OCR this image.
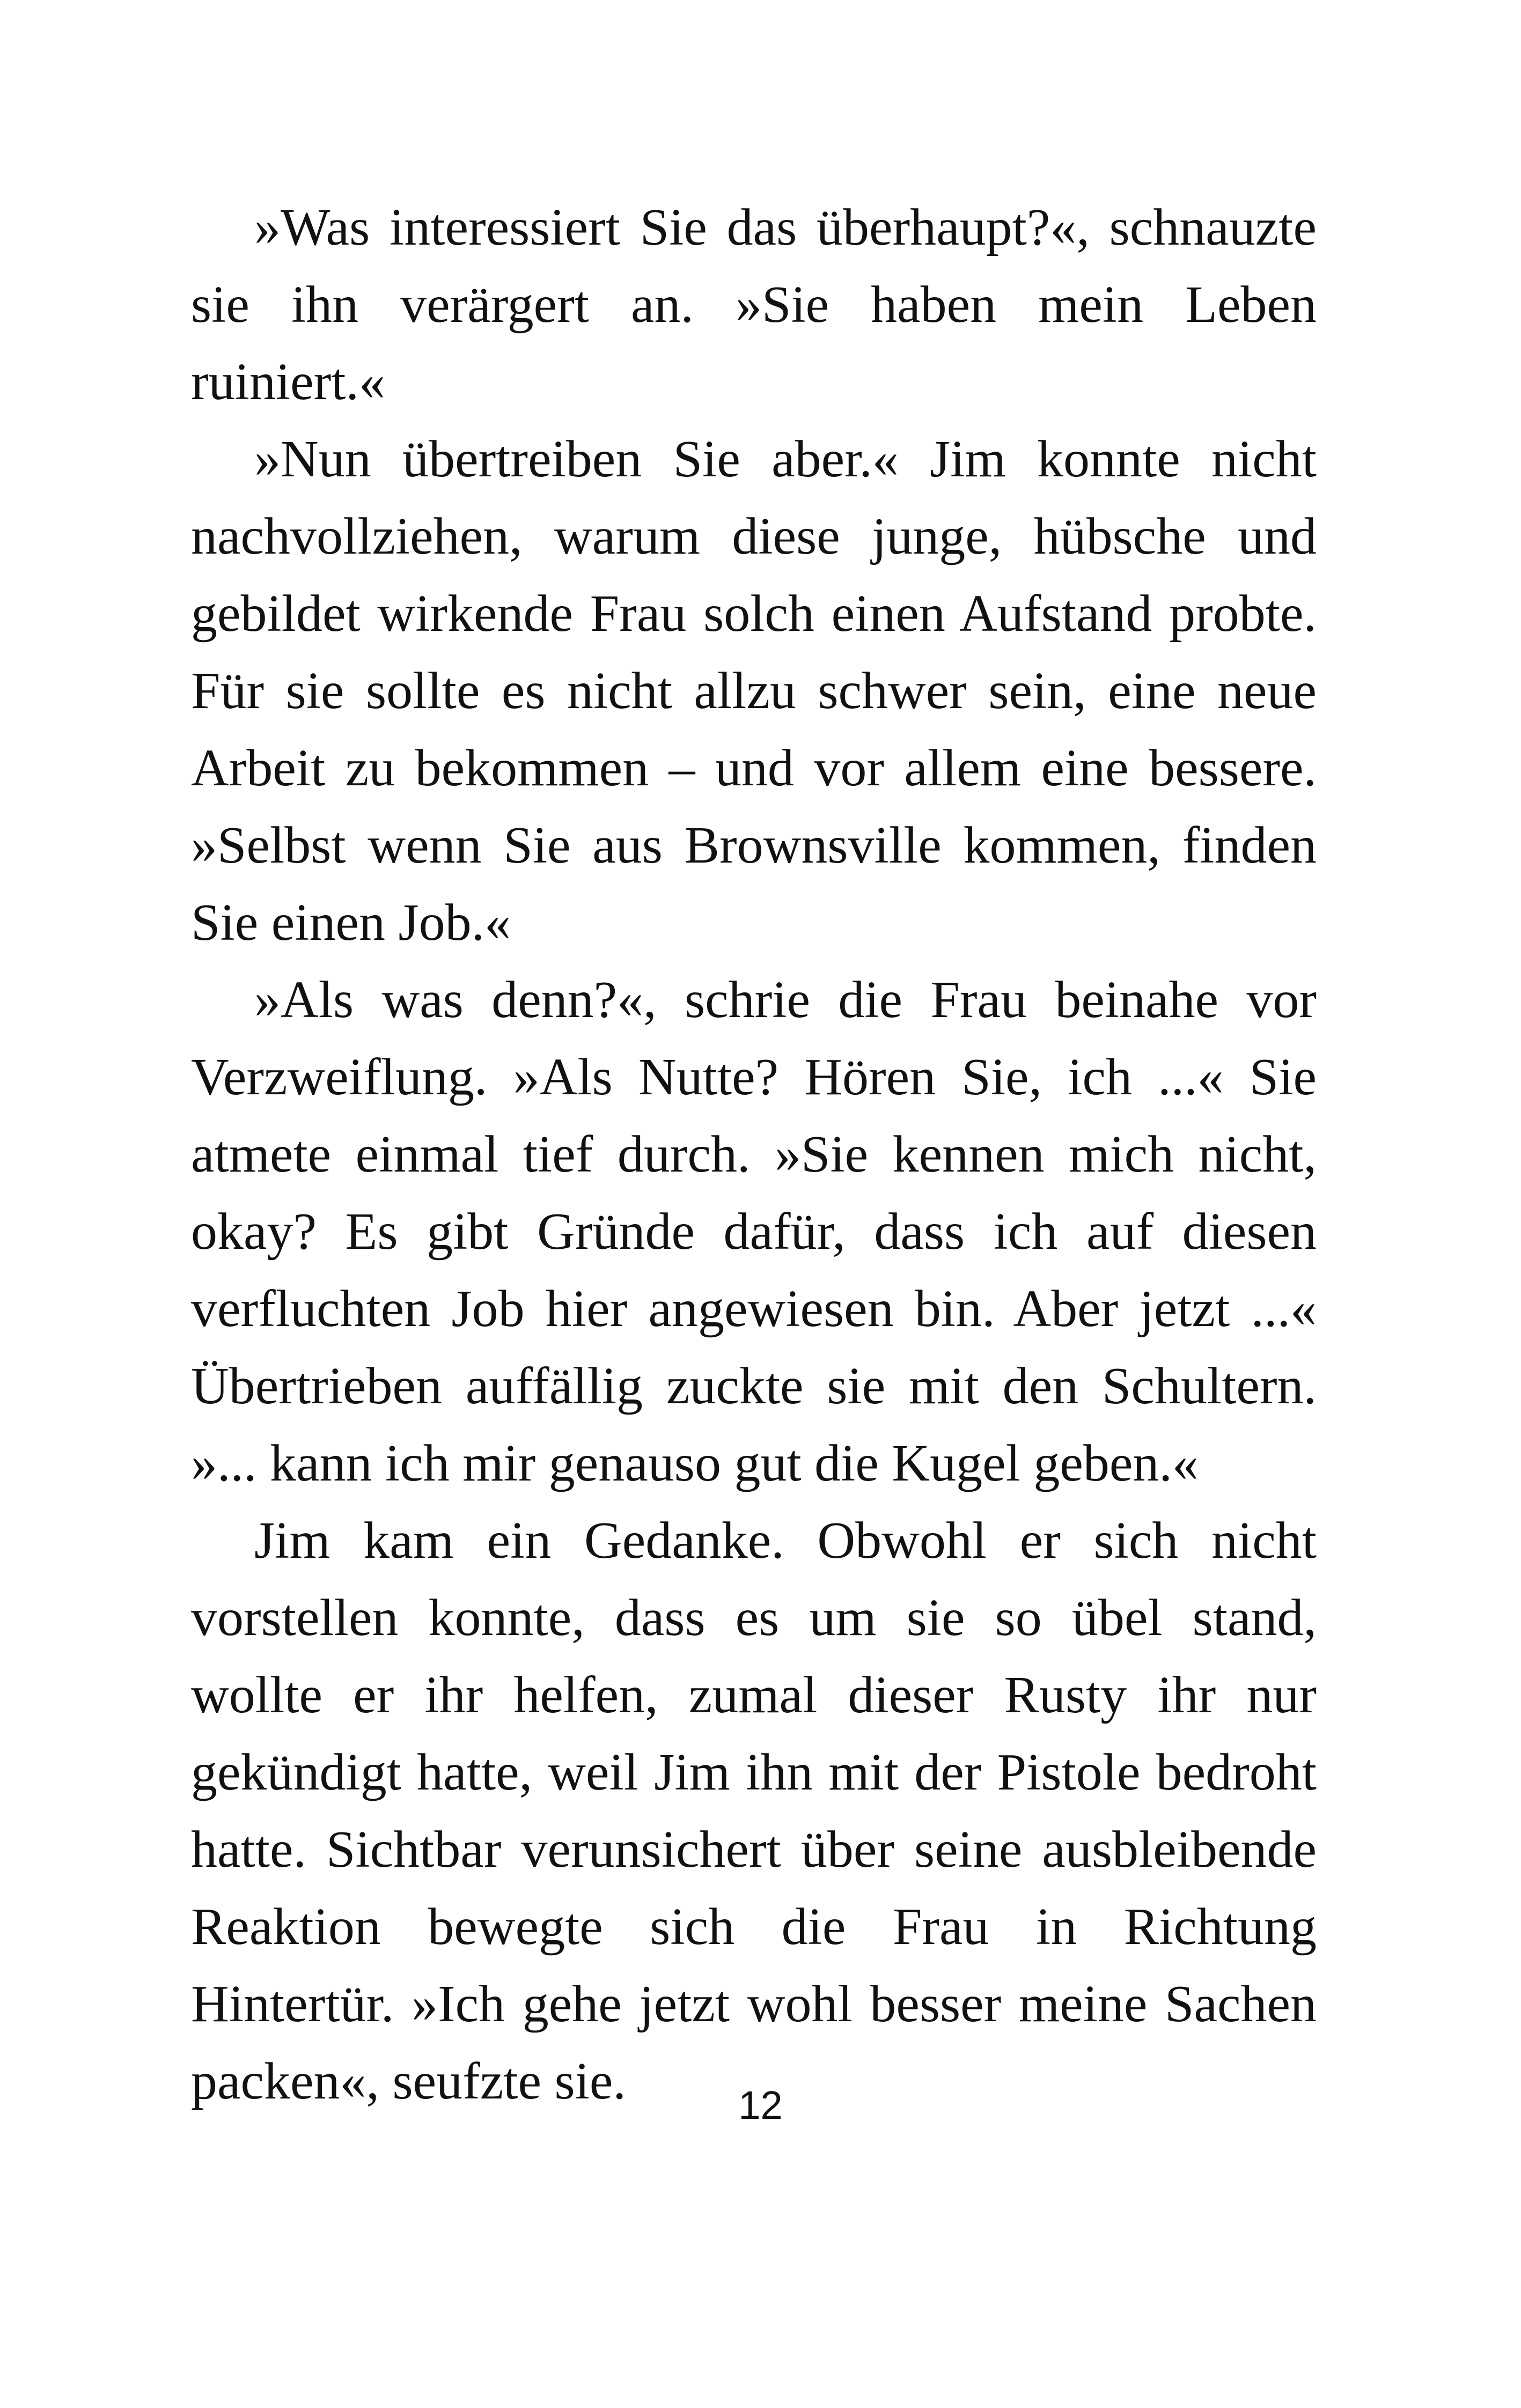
»Was interessiert Sie das überhaupt?«, schnauzte sie ihn verärgert an. »Sie haben mein Leben ruiniert.«

»Nun übertreiben Sie aber.« Jim konnte nicht nachvollziehen, warum diese junge, hübsche und gebildet wirkende Frau solch einen Aufstand probte. Für sie sollte es nicht allzu schwer sein, eine neue Arbeit zu bekommen – und vor allem eine bessere. »Selbst wenn Sie aus Brownsville kommen, finden Sie einen Job.«

»Als was denn?«, schrie die Frau beinahe vor Verzweiflung. »Als Nutte? Hören Sie, ich ...« Sie atmete einmal tief durch. »Sie kennen mich nicht, okay? Es gibt Gründe dafür, dass ich auf diesen verfluchten Job hier angewiesen bin. Aber jetzt ...« Übertrieben auffällig zuckte sie mit den Schultern. »... kann ich mir genauso gut die Kugel geben.«

Jim kam ein Gedanke. Obwohl er sich nicht vorstellen konnte, dass es um sie so übel stand, wollte er ihr helfen, zumal dieser Rusty ihr nur gekündigt hatte, weil Jim ihn mit der Pistole bedroht hatte. Sichtbar verunsichert über seine ausbleibende Reaktion bewegte sich die Frau in Richtung Hintertür. »Ich gehe jetzt wohl besser meine Sachen packen«, seufzte sie.	12
